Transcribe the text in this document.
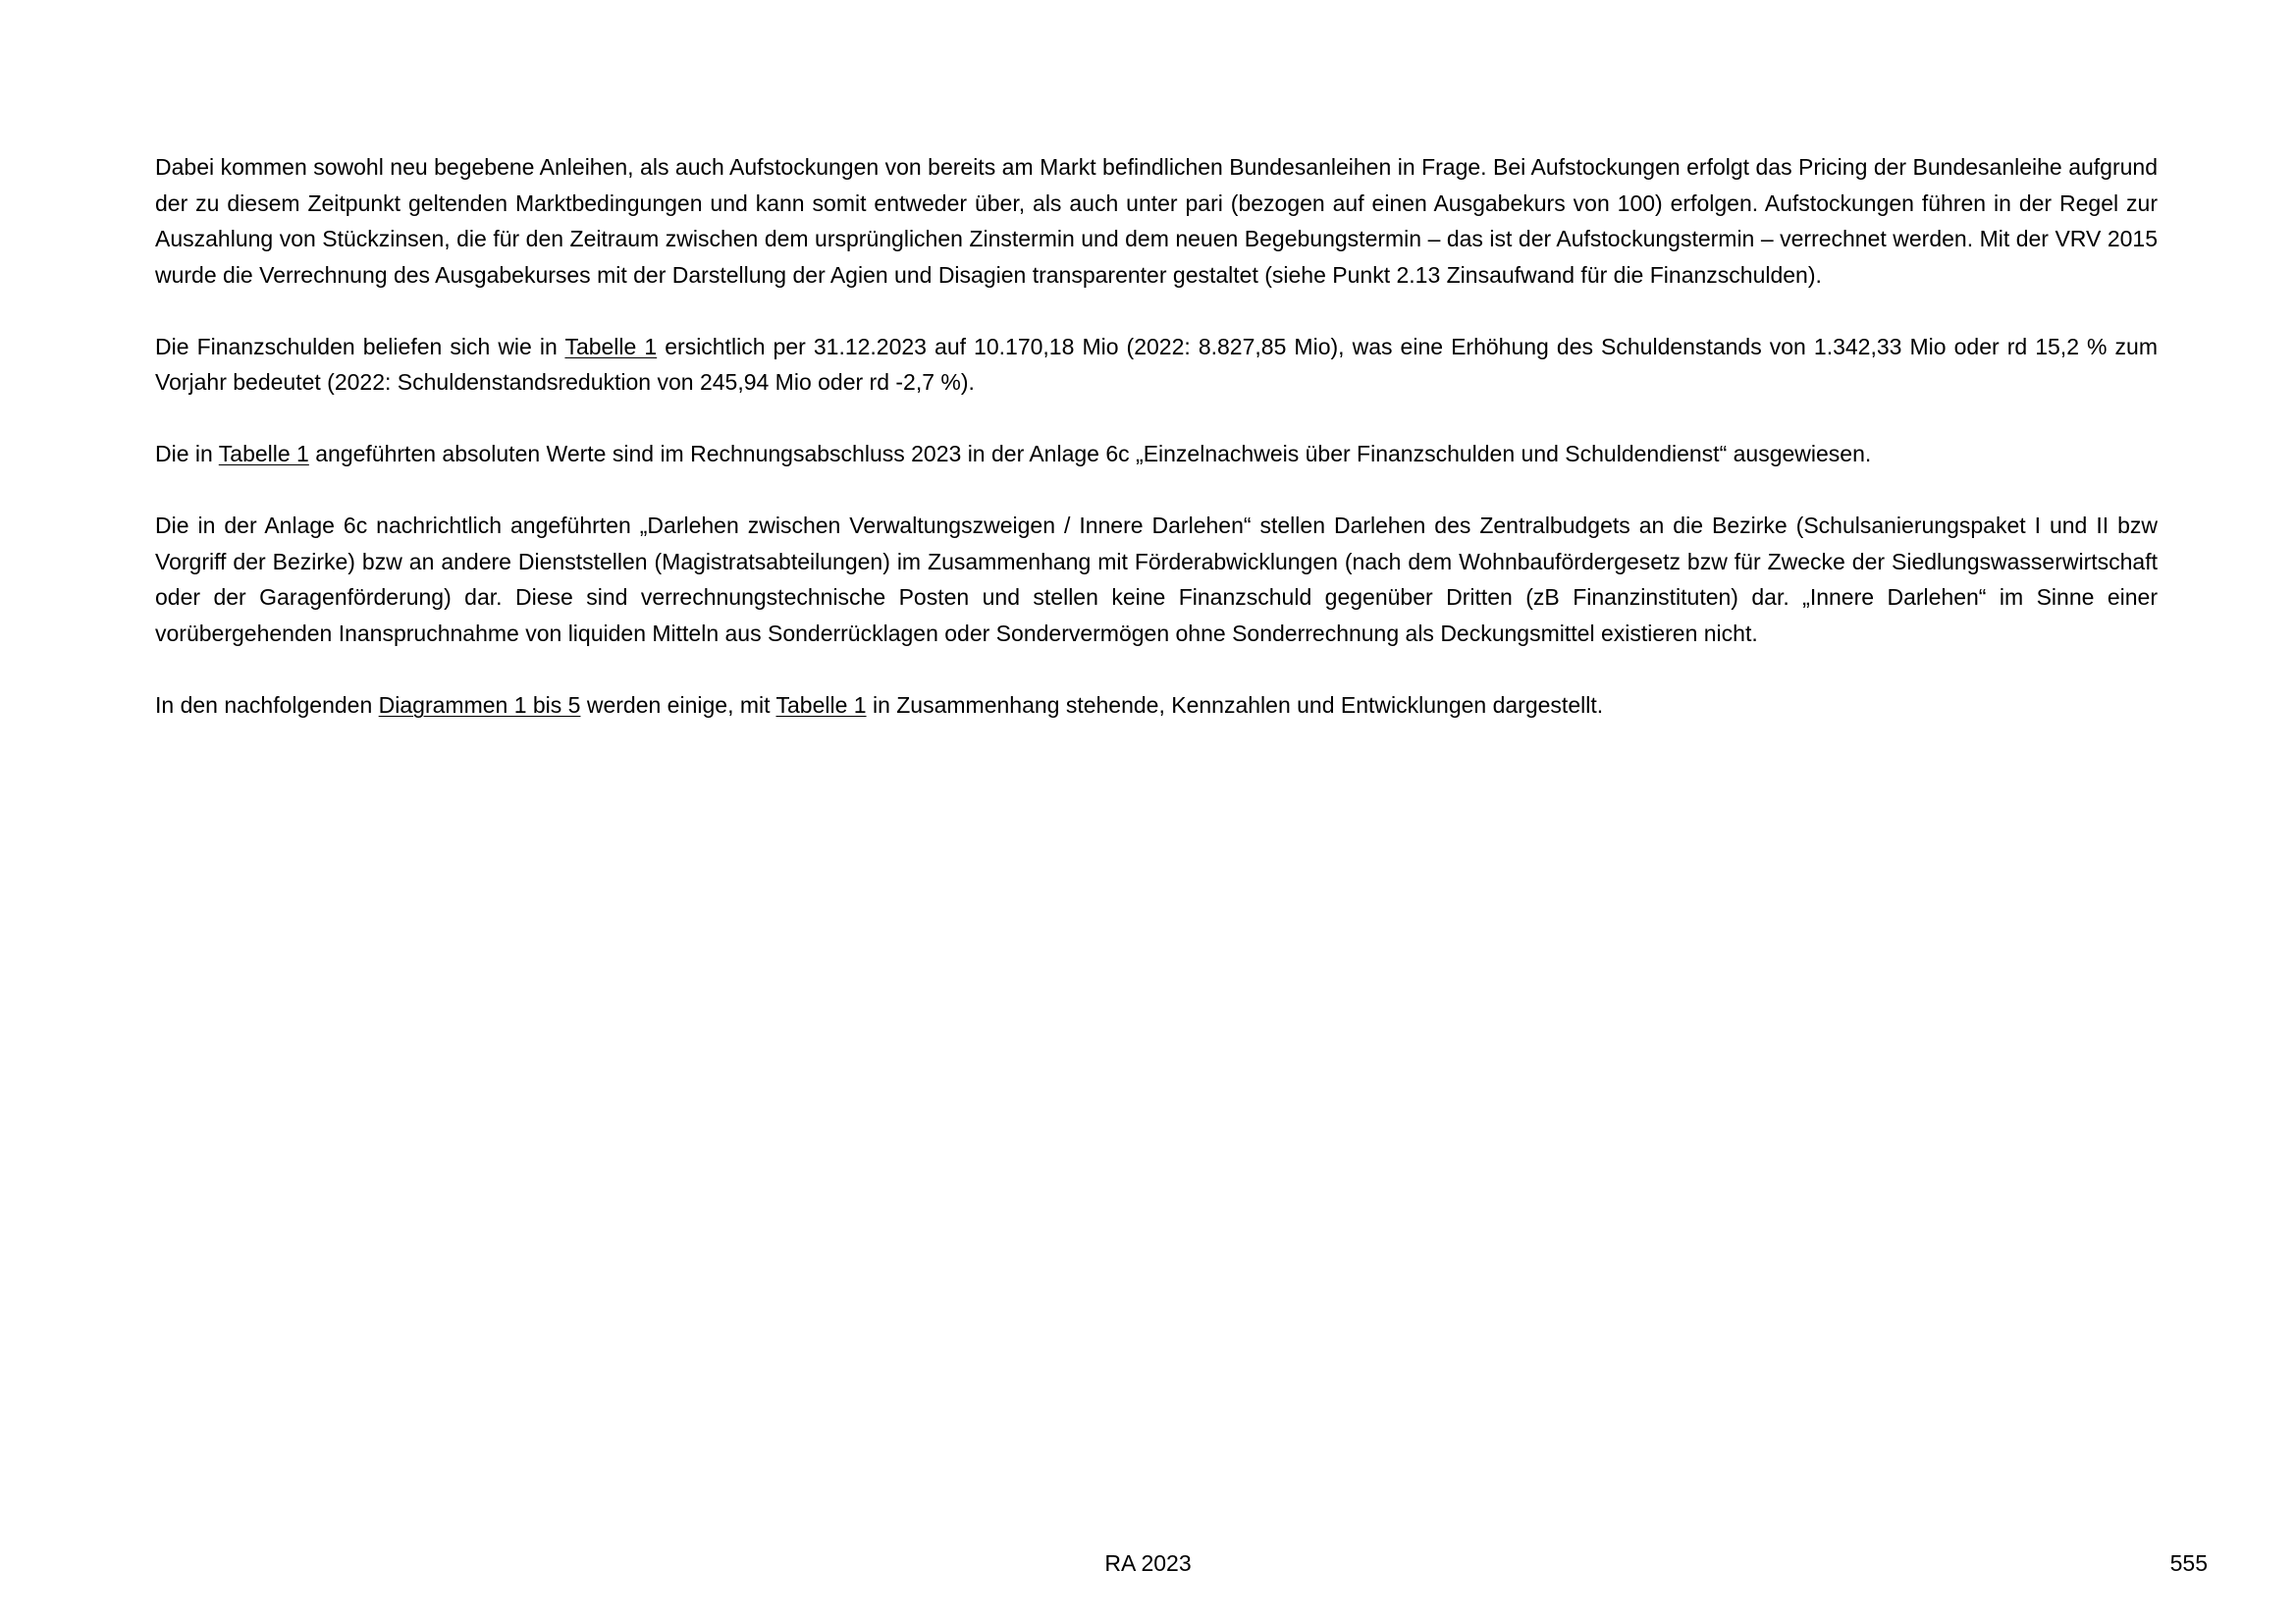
Dabei kommen sowohl neu begebene Anleihen, als auch Aufstockungen von bereits am Markt befindlichen Bundesanleihen in Frage. Bei Aufstockungen erfolgt das Pricing der Bundesanleihe aufgrund der zu diesem Zeitpunkt geltenden Marktbedingungen und kann somit entweder über, als auch unter pari (bezogen auf einen Ausgabekurs von 100) erfolgen. Aufstockungen führen in der Regel zur Auszahlung von Stückzinsen, die für den Zeitraum zwischen dem ursprünglichen Zinstermin und dem neuen Begebungstermin – das ist der Aufstockungstermin – verrechnet werden. Mit der VRV 2015 wurde die Verrechnung des Ausgabekurses mit der Darstellung der Agien und Disagien transparenter gestaltet (siehe Punkt 2.13 Zinsaufwand für die Finanzschulden).

Die Finanzschulden beliefen sich wie in Tabelle 1 ersichtlich per 31.12.2023 auf 10.170,18 Mio (2022: 8.827,85 Mio), was eine Erhöhung des Schuldenstands von 1.342,33 Mio oder rd 15,2 % zum Vorjahr bedeutet (2022: Schuldenstandsreduktion von 245,94 Mio oder rd -2,7 %).

Die in Tabelle 1 angeführten absoluten Werte sind im Rechnungsabschluss 2023 in der Anlage 6c „Einzelnachweis über Finanzschulden und Schuldendienst“ ausgewiesen.

Die in der Anlage 6c nachrichtlich angeführten „Darlehen zwischen Verwaltungszweigen / Innere Darlehen“ stellen Darlehen des Zentralbudgets an die Bezirke (Schulsanierungspaket I und II bzw Vorgriff der Bezirke) bzw an andere Dienststellen (Magistratsabteilungen) im Zusammenhang mit Förderabwicklungen (nach dem Wohnbaufördergesetz bzw für Zwecke der Siedlungswasserwirtschaft oder der Garagenförderung) dar. Diese sind verrechnungstechnische Posten und stellen keine Finanzschuld gegenüber Dritten (zB Finanzinstituten) dar. „Innere Darlehen“ im Sinne einer vorübergehenden Inanspruchnahme von liquiden Mitteln aus Sonderrücklagen oder Sondervermögen ohne Sonderrechnung als Deckungsmittel existieren nicht.

In den nachfolgenden Diagrammen 1 bis 5 werden einige, mit Tabelle 1 in Zusammenhang stehende, Kennzahlen und Entwicklungen dargestellt.

RA 2023	555
